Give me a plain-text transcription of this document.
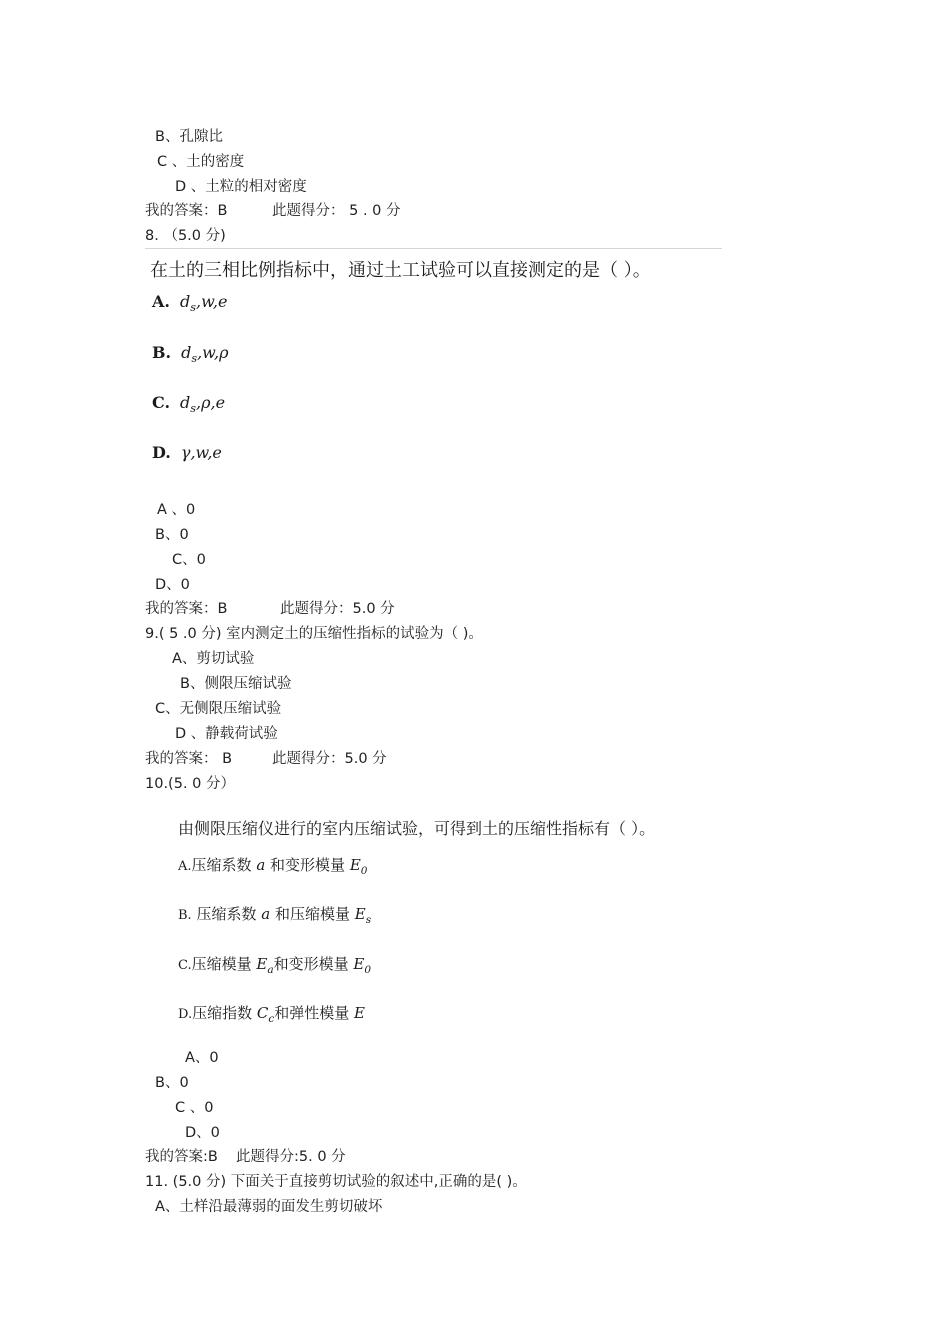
B、孔隙比
C 、土的密度
D 、土粒的相对密度
我的答案：B	此题得分： 5 . 0 分
8. （5.0 分)
在土的三相比例指标中，通过土工试验可以直接测定的是（ ）。
A. $d_s,w,e$
B. $d_s,w,\rho$
C. $d_s,\rho,e$
D. γ,w,e
A 、0
B、0
C、0
D、0
我的答案：B	此题得分：5.0 分
9.( 5 .0 分) 室内测定土的压缩性指标的试验为（ )。
A、剪切试验
B、侧限压缩试验
C、无侧限压缩试验
D 、静载荷试验
我的答案： B	此题得分：5.0 分
10.(5. 0 分）
由侧限压缩仪进行的室内压缩试验，可得到土的压缩性指标有（ ）。
A.压缩系数 a 和变形模量 $E_0$
B. 压缩系数 a 和压缩模量 $E_s$
C.压缩模量 $E_a$和变形模量 $E_0$
D.压缩指数 $C_c$和弹性模量 E
A、0
B、0
C 、0
D、0
我的答案:B 此题得分:5. 0 分
11. (5.0 分) 下面关于直接剪切试验的叙述中,正确的是( )。
A、土样沿最薄弱的面发生剪切破坏
